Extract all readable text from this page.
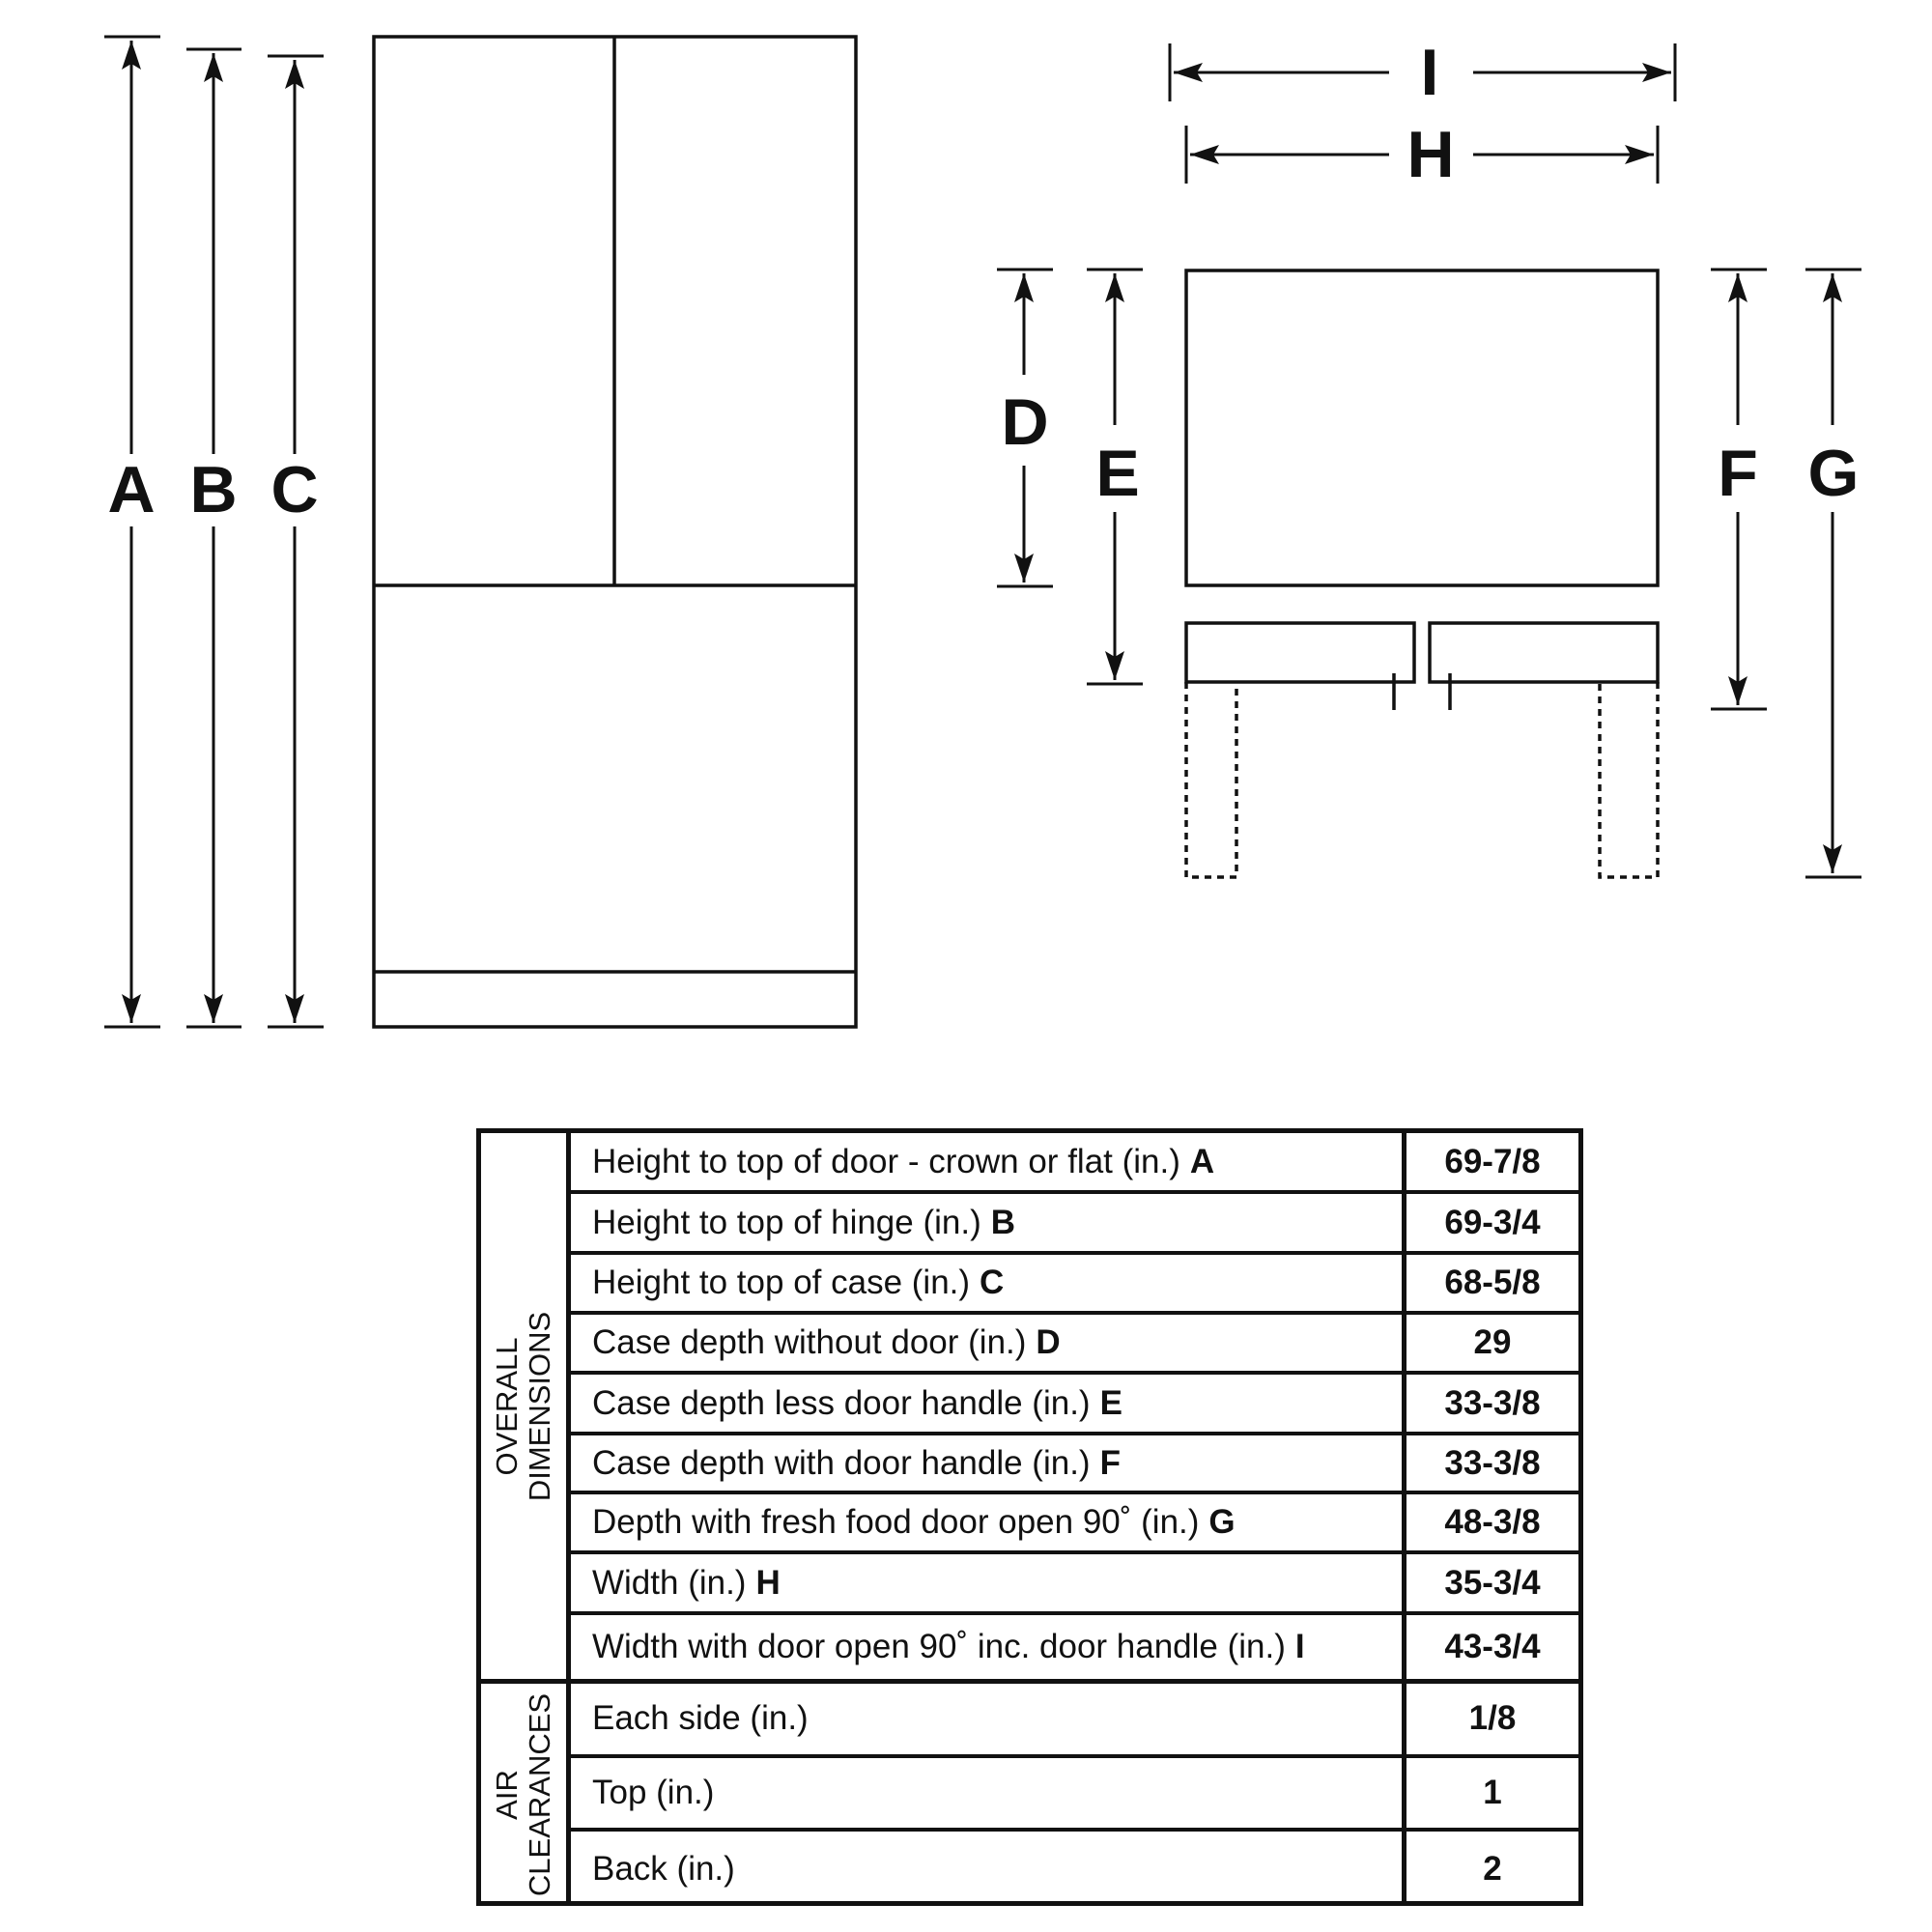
A B C
I
H
D
E	F G
OVERALL
DIMENSIONS
Height to top of door - crown or flat (in.) A	69-7/8
Height to top of hinge (in.) B	69-3/4
Height to top of case (in.) C	68-5/8
Case depth without door (in.) D	29
Case depth less door handle (in.) E	33-3/8
Case depth with door handle (in.) F	33-3/8
Depth with fresh food door open 90˚ (in.) G	48-3/8
Width (in.) H	35-3/4
Width with door open 90˚ inc. door handle (in.) I	43-3/4
AIR
CLEARANCES Each side (in.)	1/8
Top (in.)	1
Back (in.)	2
